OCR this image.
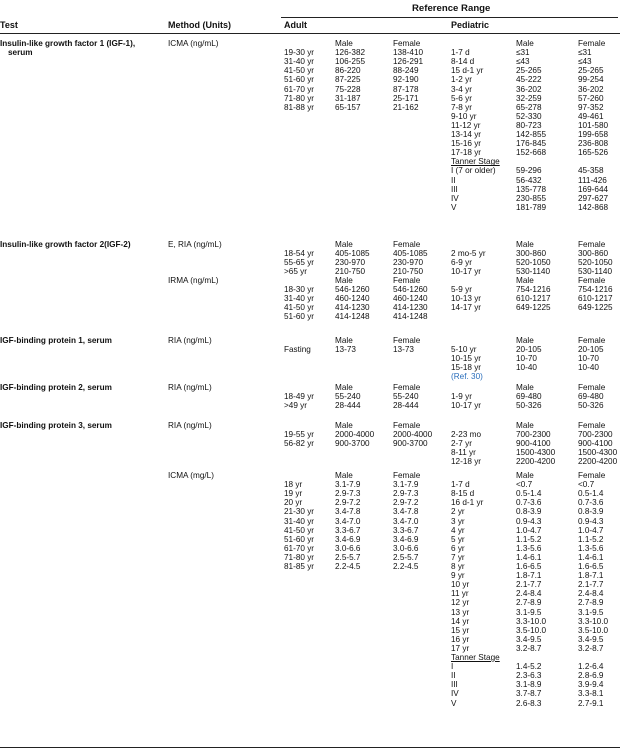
Reference Range
Test	Method (Units)	Adult	Pediatric
Insulin-like growth factor 1 (IGF-1),
serum
ICMA (ng/mL)	Male	Female
19-30 yr	126-382	138-410
31-40 yr	106-255	126-291
41-50 yr	86-220	88-249
51-60 yr	87-225	92-190
61-70 yr	75-228	87-178
71-80 yr	31-187	25-171
81-88 yr	65-157	21-162
Male	Female
1-7 d	≤31	≤31
8-14 d	≤43	≤43
15 d-1 yr	25-265	25-265
1-2 yr	45-222	99-254
3-4 yr	36-202	36-202
5-6 yr	32-259	57-260
7-8 yr	65-278	97-352
9-10 yr	52-330	49-461
11-12 yr	80-723	101-580
13-14 yr	142-855	199-658
15-16 yr	176-845	236-808
17-18 yr	152-668	165-526
Tanner Stage
I (7 or older) 59-296	45-358
II	56-432	111-426
III	135-778	169-644
IV	230-855	297-627
V	181-789	142-868
Insulin-like growth factor 2(IGF-2)	E, RIA (ng/mL)	Male	Female
18-54 yr	405-1085	405-1085
55-65 yr	230-970	230-970
>65 yr	210-750	210-750
Male	Female
2 mo-5 yr	300-860	300-860
6-9 yr	520-1050	520-1050
10-17 yr	530-1140	530-1140
IRMA (ng/mL)	Male	Female
18-30 yr	546-1260	546-1260
31-40 yr	460-1240	460-1240
41-50 yr	414-1230	414-1230
51-60 yr	414-1248	414-1248
Male	Female
5-9 yr	754-1216	754-1216
10-13 yr	610-1217	610-1217
14-17 yr	649-1225	649-1225
IGF-binding protein 1, serum	RIA (ng/mL)	Male	Female
Fasting	13-73	13-73
Male	Female
5-10 yr	20-105	20-105
10-15 yr	10-70	10-70
15-18 yr	10-40	10-40
(Ref. 30)
IGF-binding protein 2, serum	RIA (ng/mL)	Male	Female
18-49 yr	55-240	55-240
>49 yr	28-444	28-444
Male	Female
1-9 yr	69-480	69-480
10-17 yr	50-326	50-326
IGF-binding protein 3, serum	RIA (ng/mL)	Male	Female
19-55 yr	2000-4000 2000-4000
56-82 yr	900-3700	900-3700
Male	Female
2-23 mo	700-2300	700-2300
2-7 yr	900-4100	900-4100
8-11 yr	1500-4300	1500-4300
12-18 yr	2200-4200	2200-4200
ICMA (mg/L)	Male	Female
18 yr	3.1-7.9	3.1-7.9
19 yr	2.9-7.3	2.9-7.3
20 yr	2.9-7.2	2.9-7.2
21-30 yr	3.4-7.8	3.4-7.8
31-40 yr	3.4-7.0	3.4-7.0
41-50 yr	3.3-6.7	3.3-6.7
51-60 yr	3.4-6.9	3.4-6.9
61-70 yr	3.0-6.6	3.0-6.6
71-80 yr	2.5-5.7	2.5-5.7
81-85 yr	2.2-4.5	2.2-4.5
Male	Female
1-7 d	<0.7	<0.7
8-15 d	0.5-1.4	0.5-1.4
16 d-1 yr	0.7-3.6	0.7-3.6
2 yr	0.8-3.9	0.8-3.9
3 yr	0.9-4.3	0.9-4.3
4 yr	1.0-4.7	1.0-4.7
5 yr	1.1-5.2	1.1-5.2
6 yr	1.3-5.6	1.3-5.6
7 yr	1.4-6.1	1.4-6.1
8 yr	1.6-6.5	1.6-6.5
9 yr	1.8-7.1	1.8-7.1
10 yr	2.1-7.7	2.1-7.7
11 yr	2.4-8.4	2.4-8.4
12 yr	2.7-8.9	2.7-8.9
13 yr	3.1-9.5	3.1-9.5
14 yr	3.3-10.0	3.3-10.0
15 yr	3.5-10.0	3.5-10.0
16 yr	3.4-9.5	3.4-9.5
17 yr	3.2-8.7	3.2-8.7
Tanner Stage
I	1.4-5.2	1.2-6.4
II	2.3-6.3	2.8-6.9
III	3.1-8.9	3.9-9.4
IV	3.7-8.7	3.3-8.1
V	2.6-8.3	2.7-9.1
